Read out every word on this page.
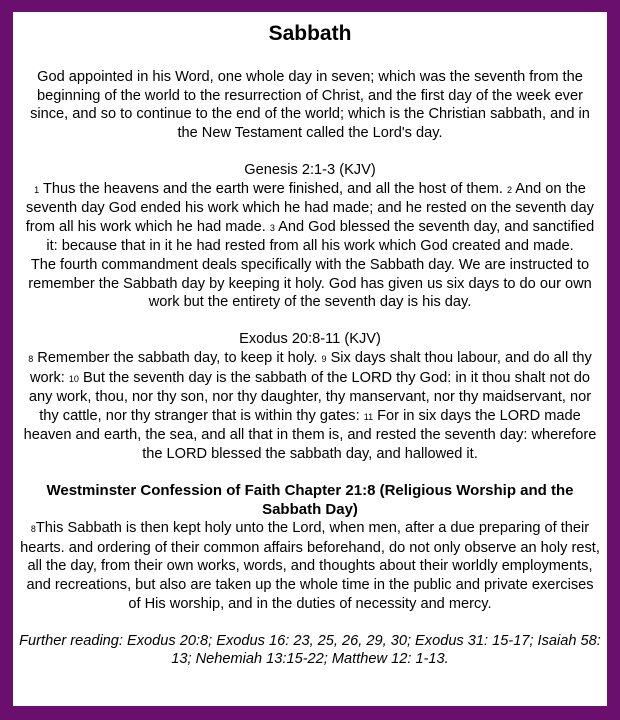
Sabbath

God appointed in his Word, one whole day in seven; which was the seventh from the beginning of the world to the resurrection of Christ, and the first day of the week ever since, and so to continue to the end of the world; which is the Christian sabbath, and in the New Testament called the Lord's day.

Genesis 2:1-3 (KJV)

1 Thus the heavens and the earth were finished, and all the host of them. 2 And on the seventh day God ended his work which he had made; and he rested on the seventh day from all his work which he had made. 3 And God blessed the seventh day, and sanctified it: because that in it he had rested from all his work which God created and made.

The fourth commandment deals specifically with the Sabbath day. We are instructed to remember the Sabbath day by keeping it holy. God has given us six days to do our own work but the entirety of the seventh day is his day.

Exodus 20:8-11 (KJV)

8 Remember the sabbath day, to keep it holy. 9 Six days shalt thou labour, and do all thy work: 10 But the seventh day is the sabbath of the LORD thy God: in it thou shalt not do any work, thou, nor thy son, nor thy daughter, thy manservant, nor thy maidservant, nor thy cattle, nor thy stranger that is within thy gates: 11 For in six days the LORD made heaven and earth, the sea, and all that in them is, and rested the seventh day: wherefore the LORD blessed the sabbath day, and hallowed it.

Westminster Confession of Faith Chapter 21:8 (Religious Worship and the Sabbath Day)

8This Sabbath is then kept holy unto the Lord, when men, after a due preparing of their hearts. and ordering of their common affairs beforehand, do not only observe an holy rest, all the day, from their own works, words, and thoughts about their worldly employments, and recreations, but also are taken up the whole time in the public and private exercises of His worship, and in the duties of necessity and mercy.

Further reading: Exodus 20:8; Exodus 16: 23, 25, 26, 29, 30; Exodus 31: 15-17; Isaiah 58: 13; Nehemiah 13:15-22; Matthew 12: 1-13.
